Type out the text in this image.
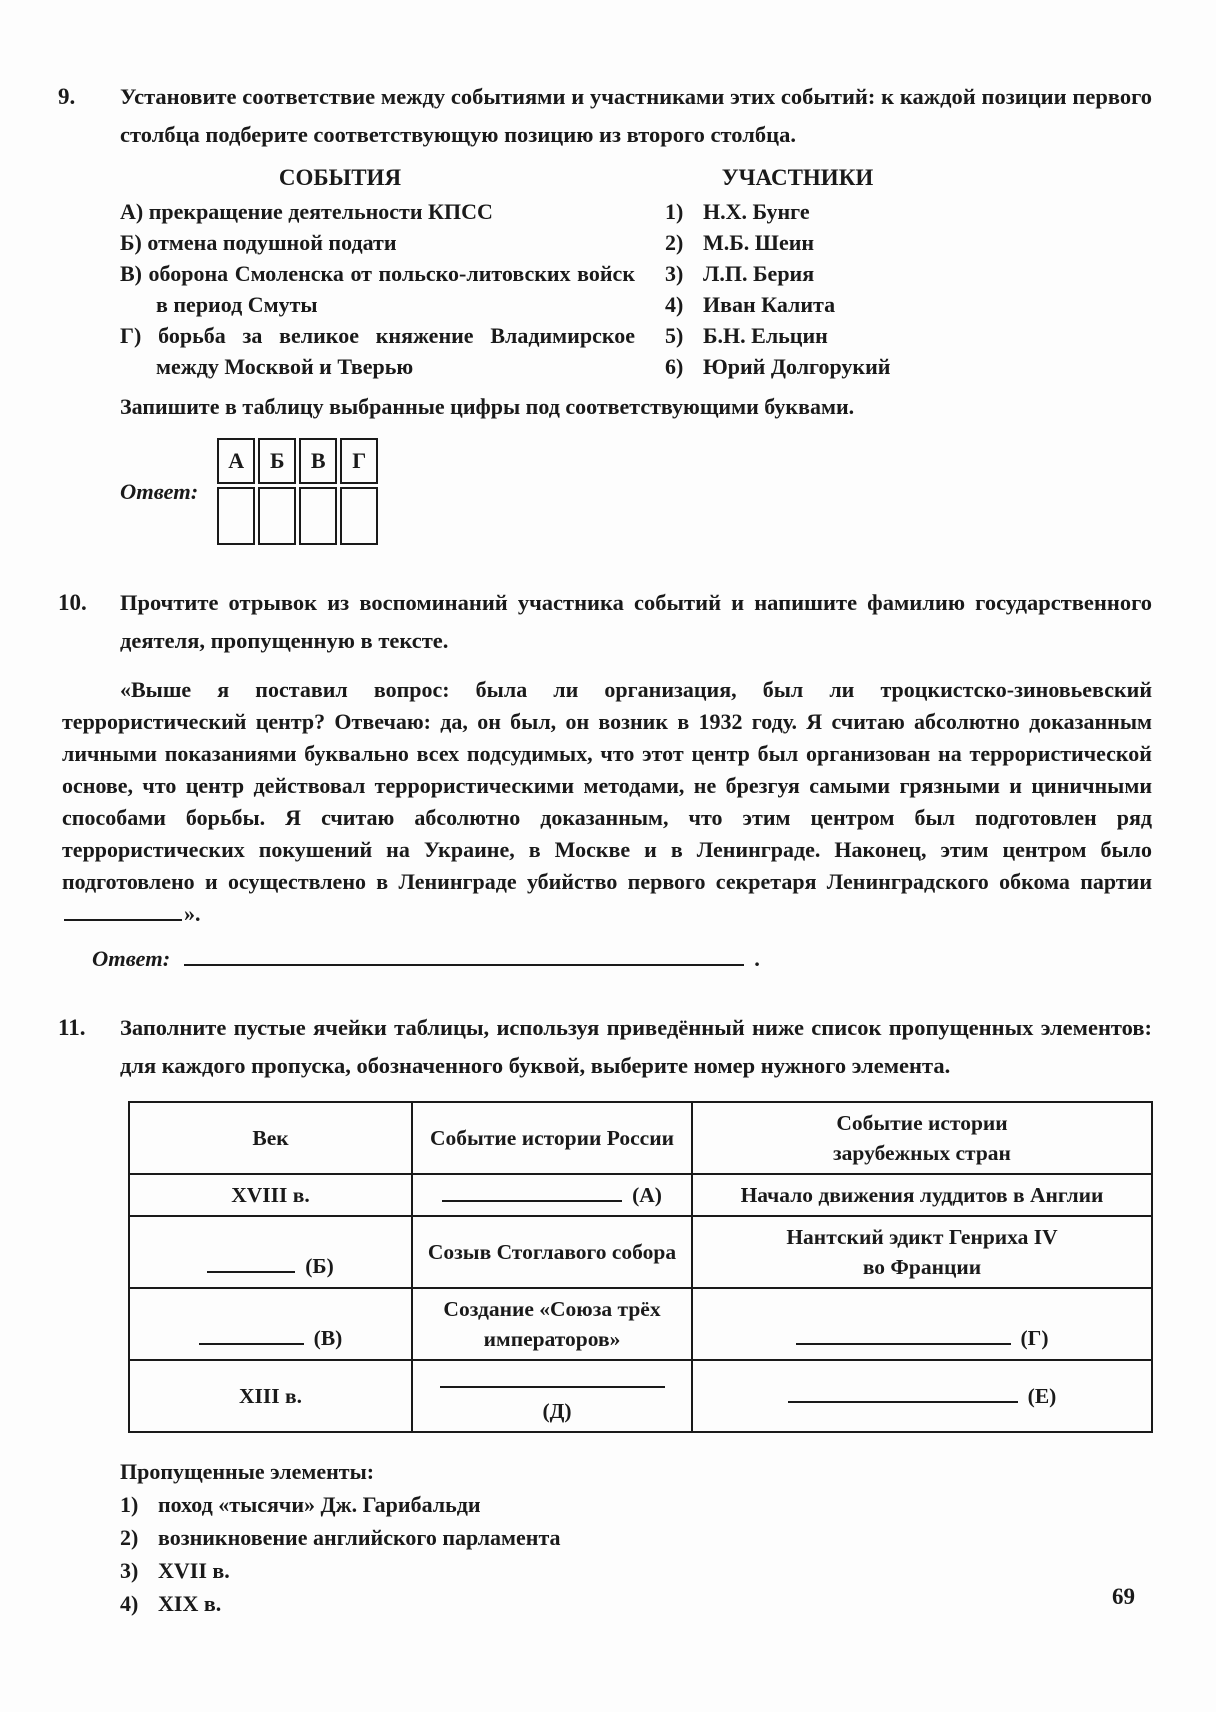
9.	Установите соответствие между событиями и участниками этих событий: к каждой позиции первого столбца подберите соответствующую позицию из второго столбца.

СОБЫТИЯ
А) прекращение деятельности КПСС
Б) отмена подушной подати
В) оборона Смоленска от польско-литовских войск в период Смуты
Г) борьба за великое княжение Владимирское между Москвой и Тверью
УЧАСТНИКИ
1) Н.Х. Бунге
2) М.Б. Шеин
3) Л.П. Берия
4) Иван Калита
5) Б.Н. Ельцин
6) Юрий Долгорукий

Запишите в таблицу выбранные цифры под соответствующими буквами.

Ответ:
А	Б	В	Г

10.	Прочтите отрывок из воспоминаний участника событий и напишите фамилию государственного деятеля, пропущенную в тексте.

«Выше я поставил вопрос: была ли организация, был ли троцкистско-зиновьевский террористический центр? Отвечаю: да, он был, он возник в 1932 году. Я считаю абсолютно доказанным личными показаниями буквально всех подсудимых, что этот центр был организован на террористической основе, что центр действовал террористическими методами, не брезгуя самыми грязными и циничными способами борьбы. Я считаю абсолютно доказанным, что этим центром был подготовлен ряд террористических покушений на Украине, в Москве и в Ленинграде. Наконец, этим центром было подготовлено и осуществлено в Ленинграде убийство первого секретаря Ленинградского обкома партии».

Ответ:	.
11.	Заполните пустые ячейки таблицы, используя приведённый ниже список пропущенных элементов: для каждого пропуска, обозначенного буквой, выберите номер нужного элемента.

Век	Событие истории России	Событие истории
зарубежных стран
XVIII в.	(А)	Начало движения луддитов в Англии
(Б)	Созыв Стоглавого собора	Нантский эдикт Генриха IV
во Франции
(В)	Создание «Союза трёх
императоров»	(Г)
XIII в.	(Д)	(Е)
Пропущенные элементы:
1) поход «тысячи» Дж. Гарибальди
2) возникновение английского парламента
3) XVII в.
4) XIX в.	69
